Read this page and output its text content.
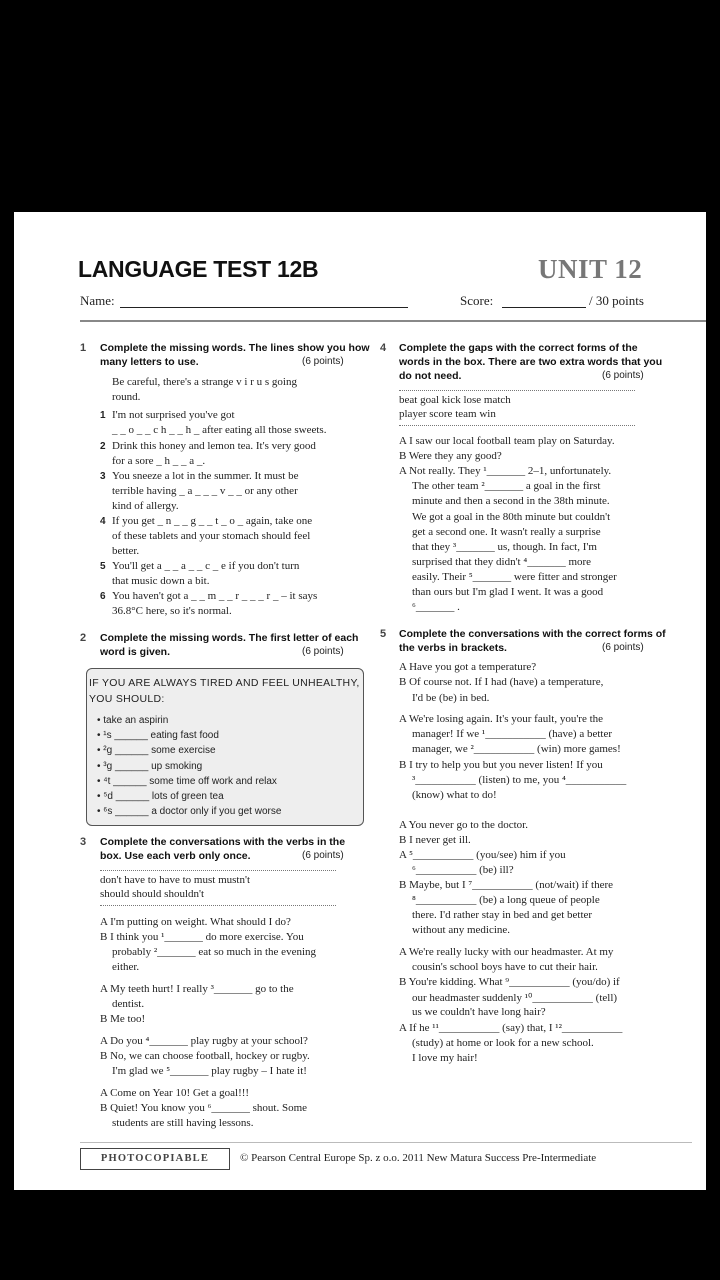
LANGUAGE TEST 12B	UNIT 12
Name:	Score:	/ 30 points
1 Complete the missing words. The lines show you how
many letters to use.	(6 points)
Be careful, there's a strange v i r u s going
round.
1 I'm not surprised you've got
_ _ o _ _ c h _ _ h _ after eating all those sweets.
2 Drink this honey and lemon tea. It's very good
for a sore _ h _ _ a _.
3 You sneeze a lot in the summer. It must be
terrible having _ a _ _ _ v _ _ or any other
kind of allergy.
4 If you get _ n _ _ g _ _ t _ o _ again, take one
of these tablets and your stomach should feel
better.
5 You'll get a _ _ a _ _ c _ e if you don't turn
that music down a bit.
6 You haven't got a _ _ m _ _ r _ _ _ r _ – it says
36.8°C here, so it's normal.
2 Complete the missing words. The first letter of each
word is given.	(6 points)
IF YOU ARE ALWAYS TIRED AND FEEL UNHEALTHY,
YOU SHOULD:
• take an aspirin
• ¹s ______ eating fast food
• ²g ______ some exercise
• ³g ______ up smoking
• ⁴t ______ some time off work and relax
• ⁵d ______ lots of green tea
• ⁶s ______ a doctor only if you get worse
3 Complete the conversations with the verbs in the
box. Use each verb only once.	(6 points)
don't have to have to must mustn't
should should shouldn't
A I'm putting on weight. What should I do?
B I think you ¹_______ do more exercise. You
probably ²_______ eat so much in the evening
either.
A My teeth hurt! I really ³_______ go to the
dentist.
B Me too!
A Do you ⁴_______ play rugby at your school?
B No, we can choose football, hockey or rugby.
I'm glad we ⁵_______ play rugby – I hate it!
A Come on Year 10! Get a goal!!!
B Quiet! You know you ⁶_______ shout. Some
students are still having lessons.
4 Complete the gaps with the correct forms of the
words in the box. There are two extra words that you
do not need.	(6 points)
beat goal kick lose match
player score team win
A I saw our local football team play on Saturday.
B Were they any good?
A Not really. They ¹_______ 2–1, unfortunately.
The other team ²_______ a goal in the first
minute and then a second in the 38th minute.
We got a goal in the 80th minute but couldn't
get a second one. It wasn't really a surprise
that they ³_______ us, though. In fact, I'm
surprised that they didn't ⁴_______ more
easily. Their ⁵_______ were fitter and stronger
than ours but I'm glad I went. It was a good
⁶_______ .
5 Complete the conversations with the correct forms of
the verbs in brackets.	(6 points)
A Have you got a temperature?
B Of course not. If I had (have) a temperature,
I'd be (be) in bed.
A We're losing again. It's your fault, you're the
manager! If we ¹___________ (have) a better
manager, we ²___________ (win) more games!
B I try to help you but you never listen! If you
³___________ (listen) to me, you ⁴___________
(know) what to do!
A You never go to the doctor.
B I never get ill.
A ⁵___________ (you/see) him if you
⁶___________ (be) ill?
B Maybe, but I ⁷___________ (not/wait) if there
⁸___________ (be) a long queue of people
there. I'd rather stay in bed and get better
without any medicine.
A We're really lucky with our headmaster. At my
cousin's school boys have to cut their hair.
B You're kidding. What ⁹___________ (you/do) if
our headmaster suddenly ¹⁰___________ (tell)
us we couldn't have long hair?
A If he ¹¹___________ (say) that, I ¹²___________
(study) at home or look for a new school.
I love my hair!
PHOTOCOPIABLE	© Pearson Central Europe Sp. z o.o. 2011 New Matura Success Pre-Intermediate
